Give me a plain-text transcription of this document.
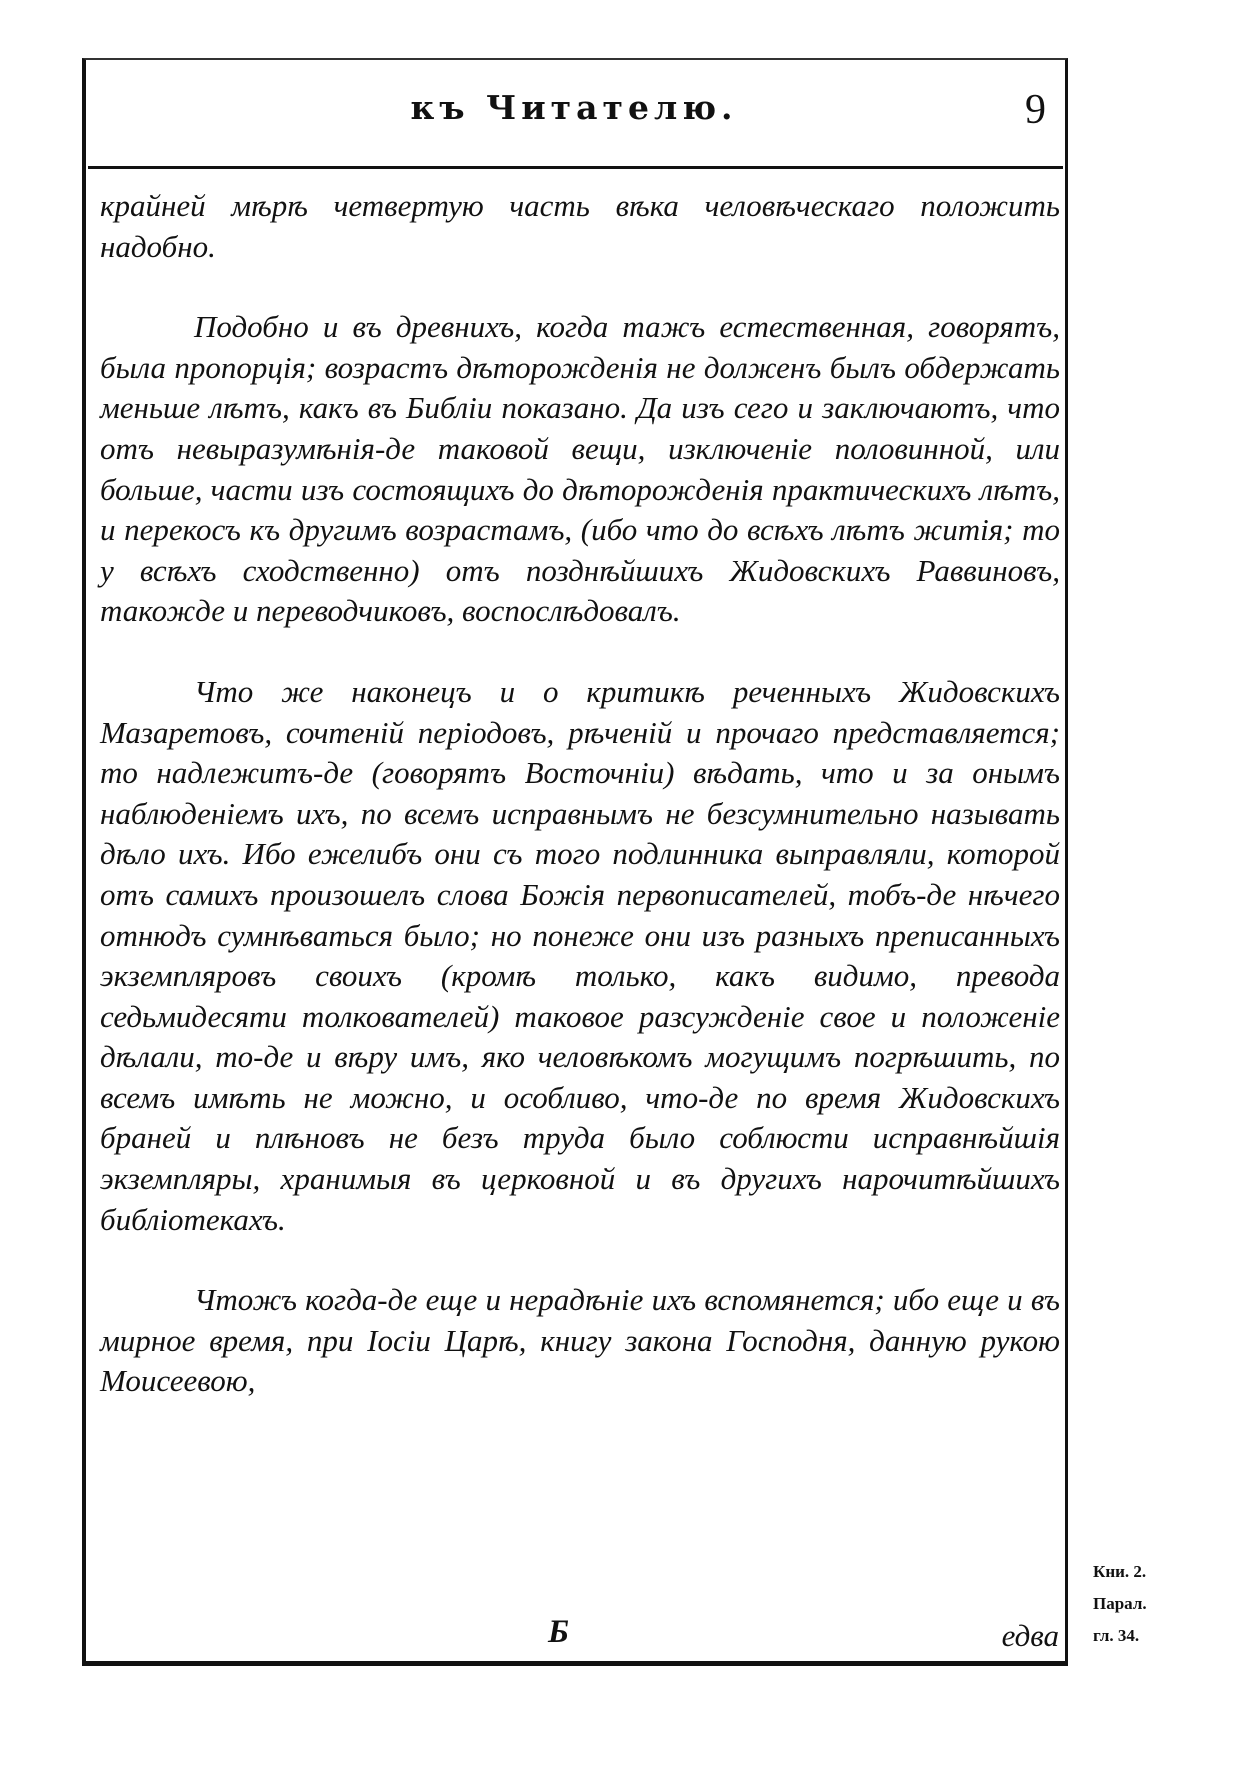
къ Читателю.	9

крайней мѣрѣ четвертую часть вѣка человѣческаго положить надобно.

Подобно и въ древнихъ, когда тажъ естественная, говорятъ, была пропорція; возрастъ дѣторожденія не долженъ былъ обдержать меньше лѣтъ, какъ въ Библіи показано. Да изъ сего и заключаютъ, что отъ невыразумѣнія-де таковой вещи, изключеніе половинной, или больше, части изъ состоящихъ до дѣторожденія практическихъ лѣтъ, и перекосъ къ другимъ возрастамъ, (ибо что до всѣхъ лѣтъ житія; то у всѣхъ сходственно) отъ позднѣйшихъ Жидовскихъ Раввиновъ, такожде и переводчиковъ, воспослѣдовалъ.

Что же наконецъ и о критикѣ реченныхъ Жидовскихъ Мазаретовъ, сочтеній періодовъ, рѣченій и прочаго представляется; то надлежитъ-де (говорятъ Восточніи) вѣдать, что и за онымъ наблюденіемъ ихъ, по всемъ исправнымъ не безсумнительно называть дѣло ихъ. Ибо ежелибъ они съ того подлинника выправляли, которой отъ самихъ произошелъ слова Божія первописателей, тобъ-де нѣчего отнюдъ сумнѣваться было; но понеже они изъ разныхъ преписанныхъ экземпляровъ своихъ (кромѣ только, какъ видимо, превода седьмидесяти толкователей) таковое разсужденіе свое и положеніе дѣлали, то-де и вѣру имъ, яко человѣкомъ могущимъ погрѣшить, по всемъ имѣть не можно, и особливо, что-де по время Жидовскихъ браней и плѣновъ не безъ труда было соблюсти исправнѣйшія экземпляры, хранимыя въ церковной и въ другихъ нарочитѣйшихъ библіотекахъ.

Чтожъ когда-де еще и нерадѣніе ихъ вспомянется; ибо еще и въ мирное время, при Іосіи Царѣ, книгу закона Господня, данную рукою Моисеевою,

Б	едва
Кни. 2.
Парал.
гл. 34.
